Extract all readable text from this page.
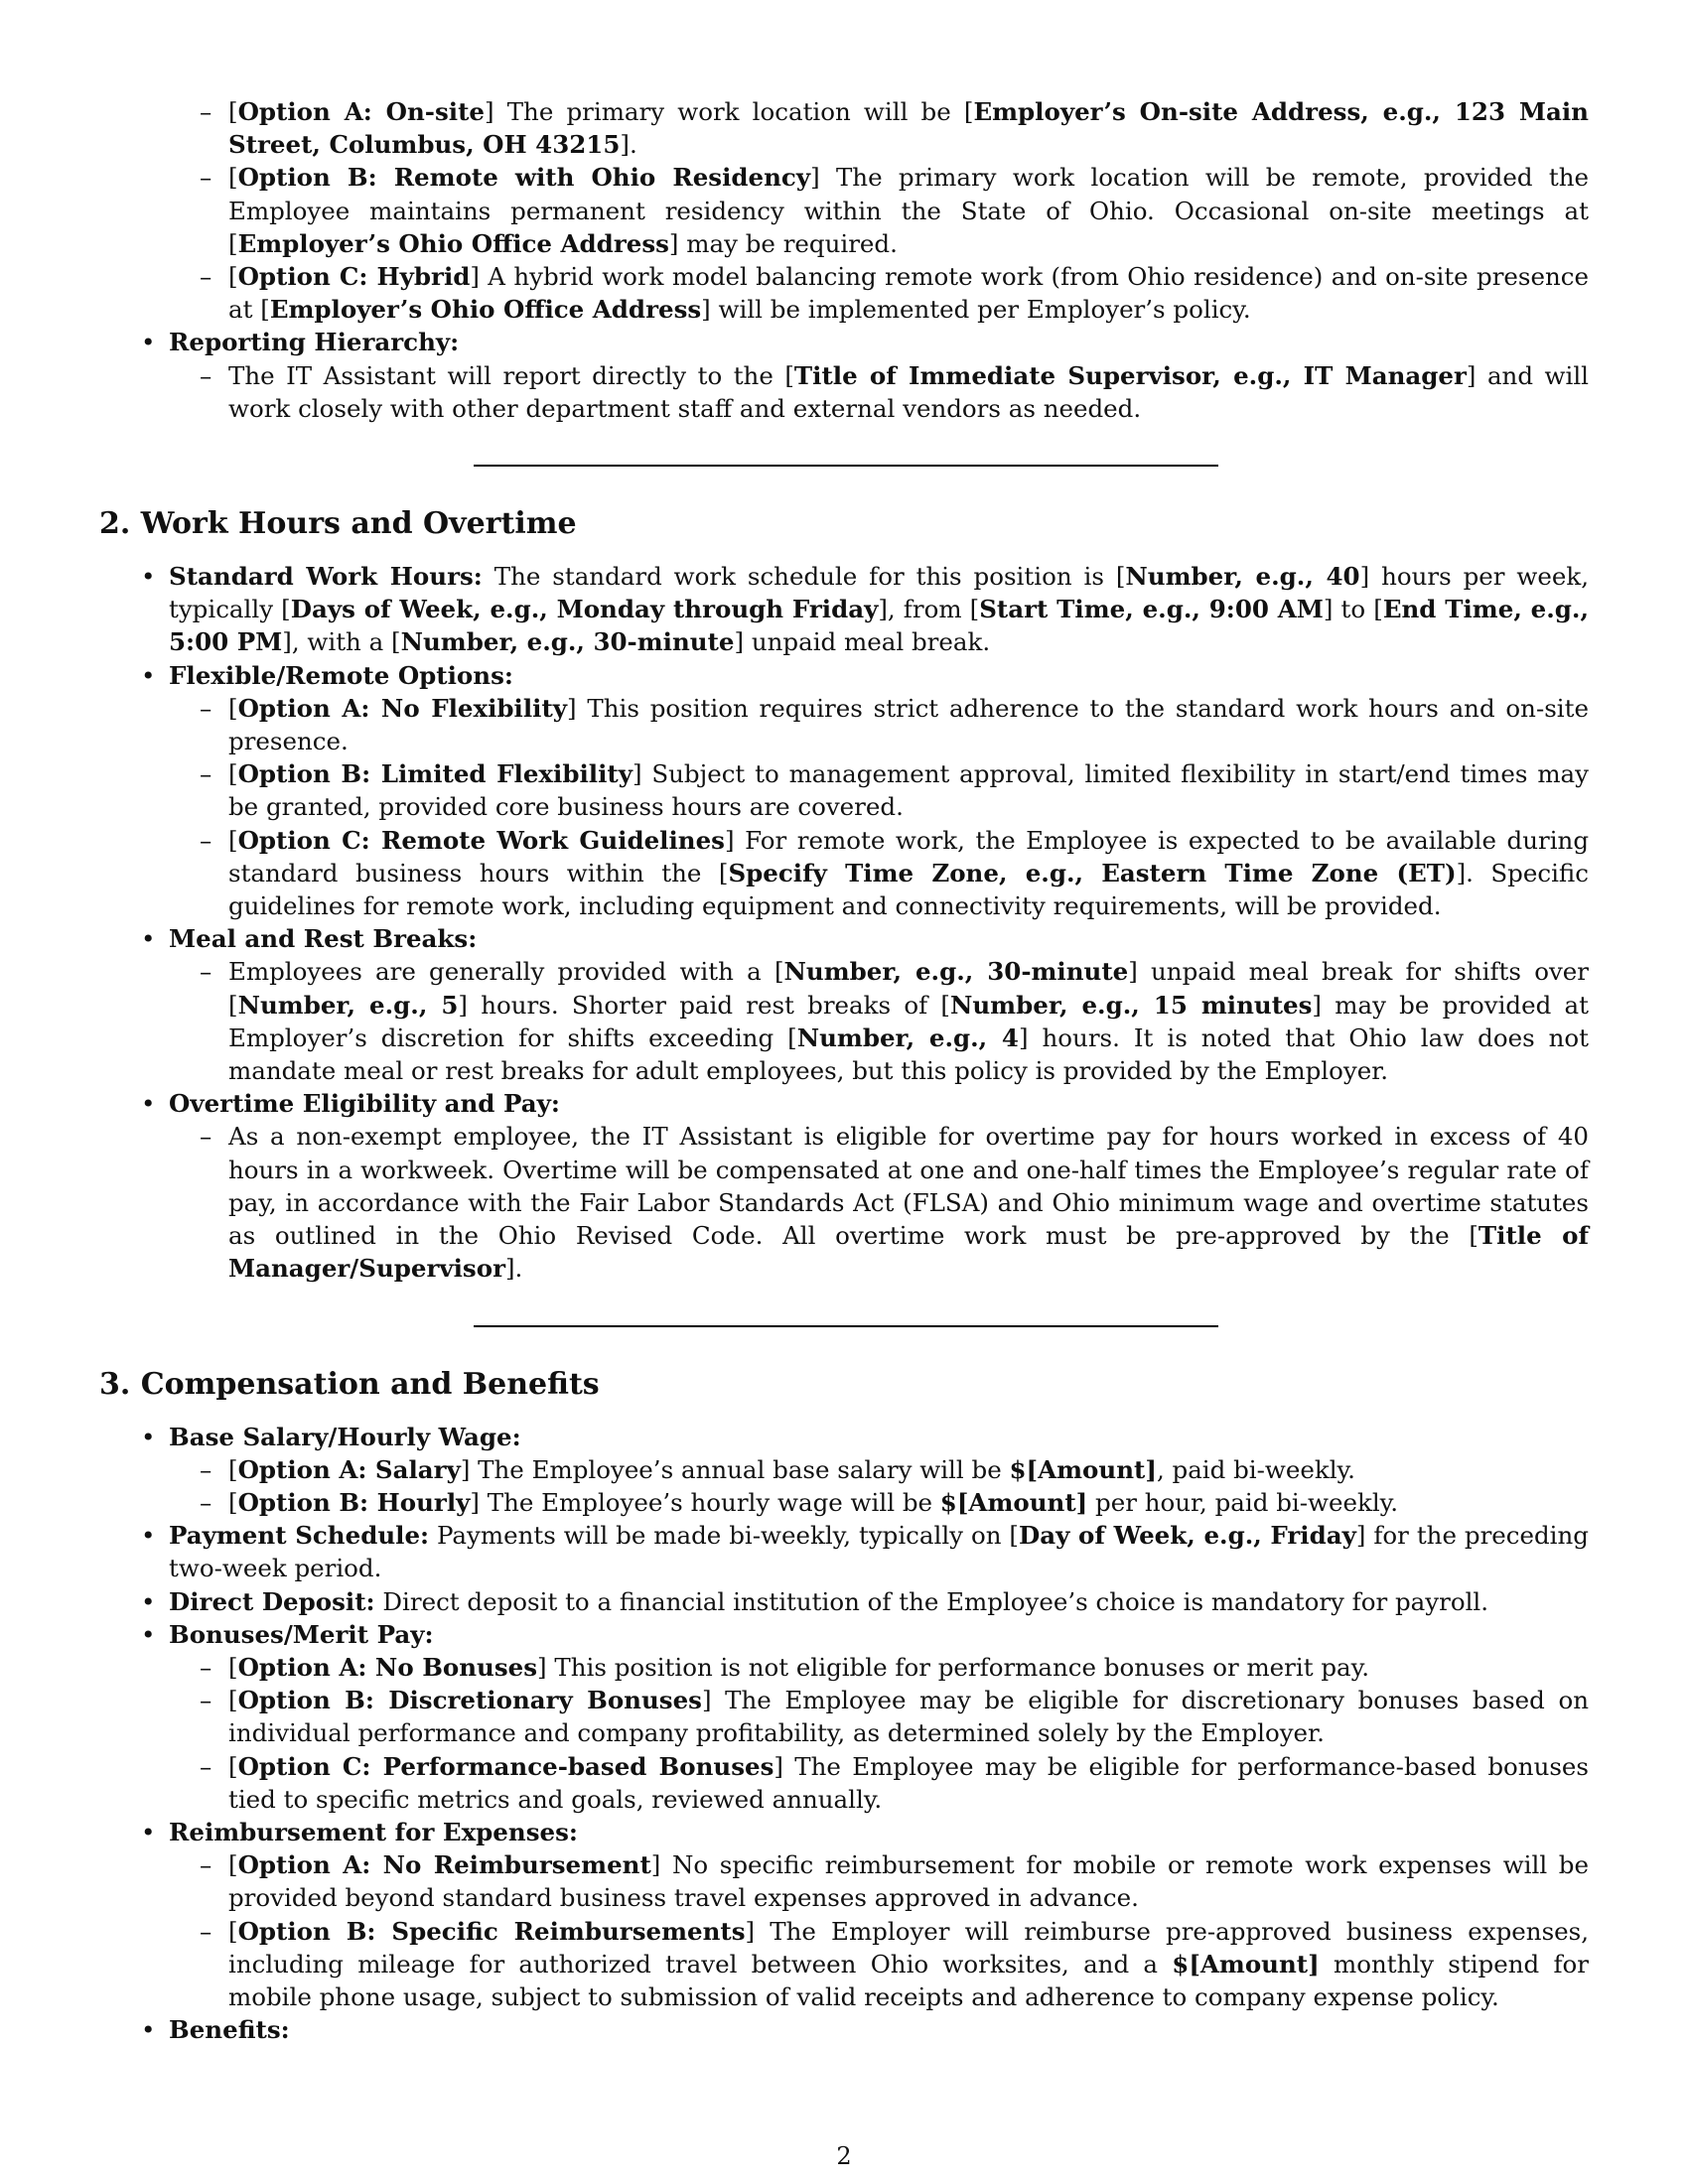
– [Option A: On-site] The primary work location will be [Employer’s On-site Address, e.g., 123 Main Street, Columbus, OH 43215].
– [Option B: Remote with Ohio Residency] The primary work location will be remote, provided the Employee maintains permanent residency within the State of Ohio. Occasional on-site meetings at [Employer’s Ohio Office Address] may be required.
– [Option C: Hybrid] A hybrid work model balancing remote work (from Ohio residence) and on-site presence at [Employer’s Ohio Office Address] will be implemented per Employer’s policy.
• Reporting Hierarchy:
– The IT Assistant will report directly to the [Title of Immediate Supervisor, e.g., IT Manager] and will work closely with other department staff and external vendors as needed.
2. Work Hours and Overtime
• Standard Work Hours: The standard work schedule for this position is [Number, e.g., 40] hours per week, typically [Days of Week, e.g., Monday through Friday], from [Start Time, e.g., 9:00 AM] to [End Time, e.g., 5:00 PM], with a [Number, e.g., 30-minute] unpaid meal break.
• Flexible/Remote Options:
– [Option A: No Flexibility] This position requires strict adherence to the standard work hours and on-site presence.
– [Option B: Limited Flexibility] Subject to management approval, limited flexibility in start/end times may be granted, provided core business hours are covered.
– [Option C: Remote Work Guidelines] For remote work, the Employee is expected to be available during standard business hours within the [Specify Time Zone, e.g., Eastern Time Zone (ET)]. Specific guidelines for remote work, including equipment and connectivity requirements, will be provided.
• Meal and Rest Breaks:
– Employees are generally provided with a [Number, e.g., 30-minute] unpaid meal break for shifts over [Number, e.g., 5] hours. Shorter paid rest breaks of [Number, e.g., 15 minutes] may be provided at Employer’s discretion for shifts exceeding [Number, e.g., 4] hours. It is noted that Ohio law does not mandate meal or rest breaks for adult employees, but this policy is provided by the Employer.
• Overtime Eligibility and Pay:
– As a non-exempt employee, the IT Assistant is eligible for overtime pay for hours worked in excess of 40 hours in a workweek. Overtime will be compensated at one and one-half times the Employee’s regular rate of pay, in accordance with the Fair Labor Standards Act (FLSA) and Ohio minimum wage and overtime statutes as outlined in the Ohio Revised Code. All overtime work must be pre-approved by the [Title of Manager/Supervisor].
3. Compensation and Benefits
• Base Salary/Hourly Wage:
– [Option A: Salary] The Employee’s annual base salary will be $[Amount], paid bi-weekly.
– [Option B: Hourly] The Employee’s hourly wage will be $[Amount] per hour, paid bi-weekly.
• Payment Schedule: Payments will be made bi-weekly, typically on [Day of Week, e.g., Friday] for the preceding two-week period.
• Direct Deposit: Direct deposit to a financial institution of the Employee’s choice is mandatory for payroll.
• Bonuses/Merit Pay:
– [Option A: No Bonuses] This position is not eligible for performance bonuses or merit pay.
– [Option B: Discretionary Bonuses] The Employee may be eligible for discretionary bonuses based on individual performance and company profitability, as determined solely by the Employer.
– [Option C: Performance-based Bonuses] The Employee may be eligible for performance-based bonuses tied to specific metrics and goals, reviewed annually.
• Reimbursement for Expenses:
– [Option A: No Reimbursement] No specific reimbursement for mobile or remote work expenses will be provided beyond standard business travel expenses approved in advance.
– [Option B: Specific Reimbursements] The Employer will reimburse pre-approved business expenses, including mileage for authorized travel between Ohio worksites, and a $[Amount] monthly stipend for mobile phone usage, subject to submission of valid receipts and adherence to company expense policy.
• Benefits:
2
